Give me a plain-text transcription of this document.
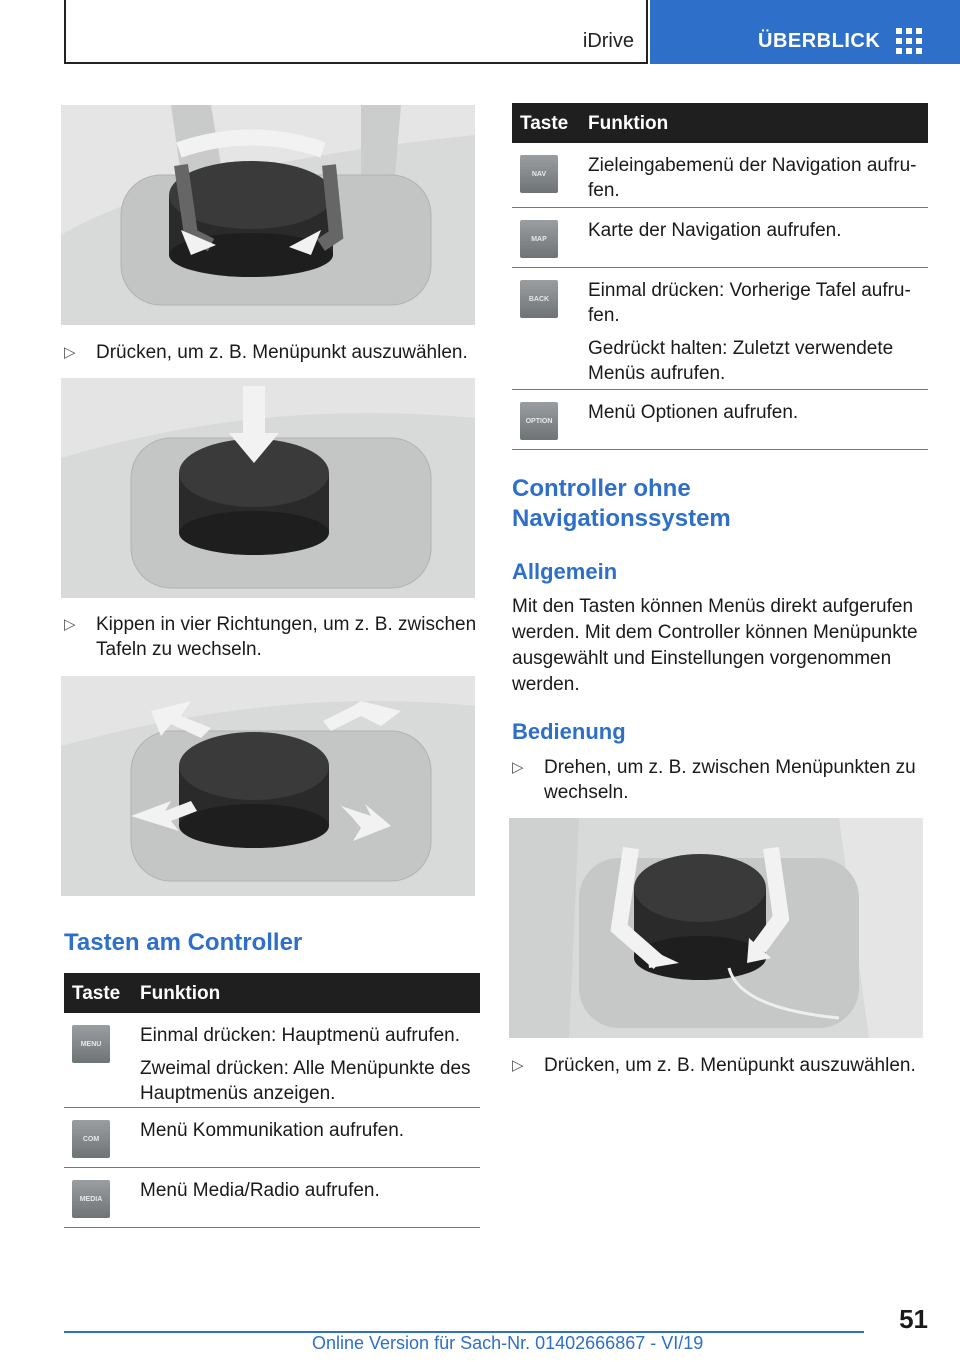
iDrive	ÜBERBLICK
▷ Drücken, um z. B. Menüpunkt auszuwählen.
▷ Kippen in vier Richtungen, um z. B. zwischen Tafeln zu wechseln.
Tasten am Controller
Taste Funktion
MENU	Einmal drücken: Hauptmenü aufrufen.

Zweimal drücken: Alle Menüpunkte des Hauptmenüs anzeigen.

COM	Menü Kommunikation aufrufen.

MEDIA	Menü Media/Radio aufrufen.

Taste Funktion
NAV	Zieleingabemenü der Navigation aufru-fen.

MAP	Karte der Navigation aufrufen.

BACK	Einmal drücken: Vorherige Tafel aufru-fen.

Gedrückt halten: Zuletzt verwendete Menüs aufrufen.

OPTION Menü Optionen aufrufen.

Controller ohne Navigationssystem
Allgemein
Mit den Tasten können Menüs direkt aufgerufen werden. Mit dem Controller können Menüpunkte ausgewählt und Einstellungen vorgenommen werden.
Bedienung
▷ Drehen, um z. B. zwischen Menüpunkten zu wechseln.
▷ Drücken, um z. B. Menüpunkt auszuwählen.
51
Online Version für Sach-Nr. 01402666867 - VI/19
